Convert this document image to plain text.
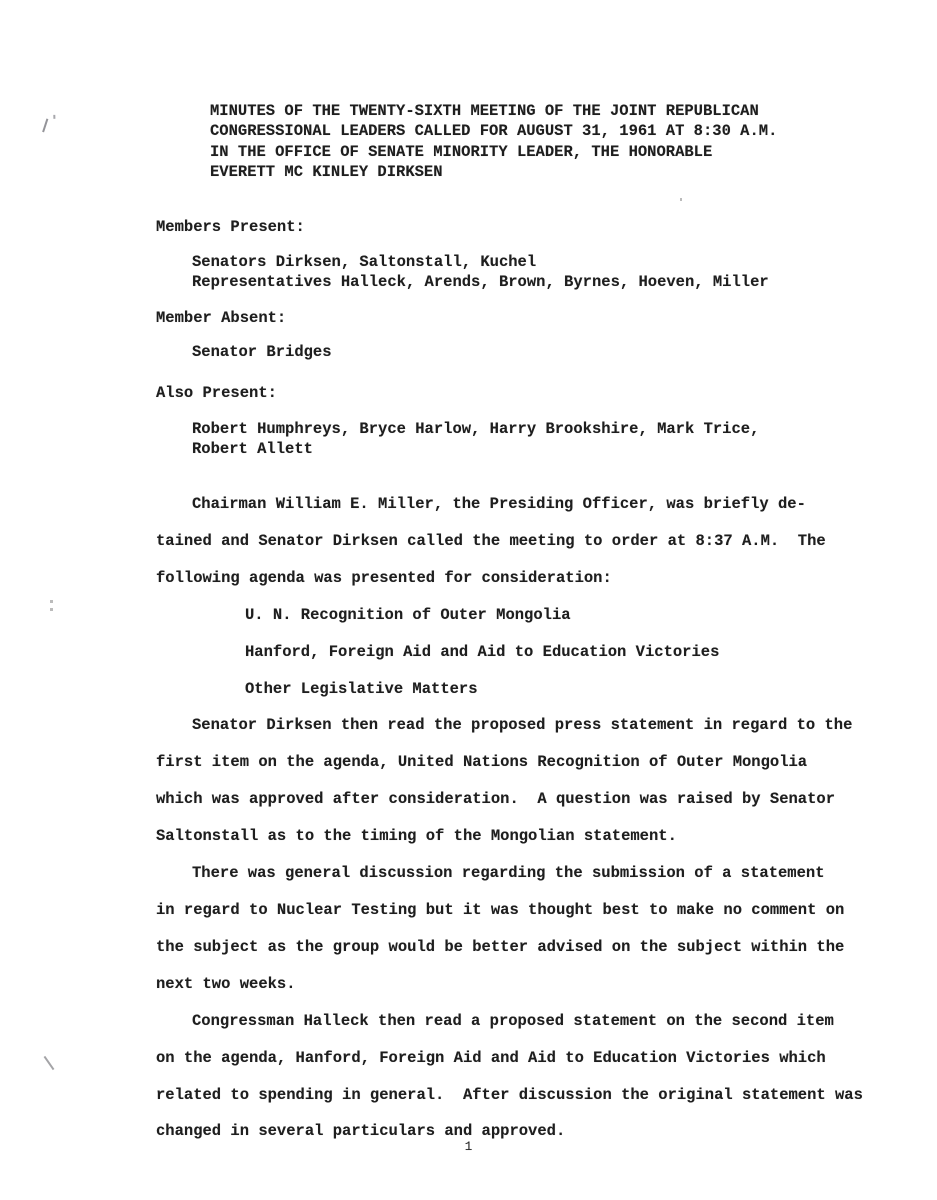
MINUTES OF THE TWENTY-SIXTH MEETING OF THE JOINT REPUBLICAN
CONGRESSIONAL LEADERS CALLED FOR AUGUST 31, 1961 AT 8:30 A.M.
IN THE OFFICE OF SENATE MINORITY LEADER, THE HONORABLE
EVERETT MC KINLEY DIRKSEN
Members Present:
Senators Dirksen, Saltonstall, Kuchel
Representatives Halleck, Arends, Brown, Byrnes, Hoeven, Miller
Member Absent:
Senator Bridges
Also Present:
Robert Humphreys, Bryce Harlow, Harry Brookshire, Mark Trice,
Robert Allett
Chairman William E. Miller, the Presiding Officer, was briefly de-
tained and Senator Dirksen called the meeting to order at 8:37 A.M.  The
following agenda was presented for consideration:
U. N. Recognition of Outer Mongolia
Hanford, Foreign Aid and Aid to Education Victories
Other Legislative Matters
Senator Dirksen then read the proposed press statement in regard to the
first item on the agenda, United Nations Recognition of Outer Mongolia
which was approved after consideration.  A question was raised by Senator
Saltonstall as to the timing of the Mongolian statement.
There was general discussion regarding the submission of a statement
in regard to Nuclear Testing but it was thought best to make no comment on
the subject as the group would be better advised on the subject within the
next two weeks.
Congressman Halleck then read a proposed statement on the second item
on the agenda, Hanford, Foreign Aid and Aid to Education Victories which
related to spending in general.  After discussion the original statement was
changed in several particulars and approved.
1
